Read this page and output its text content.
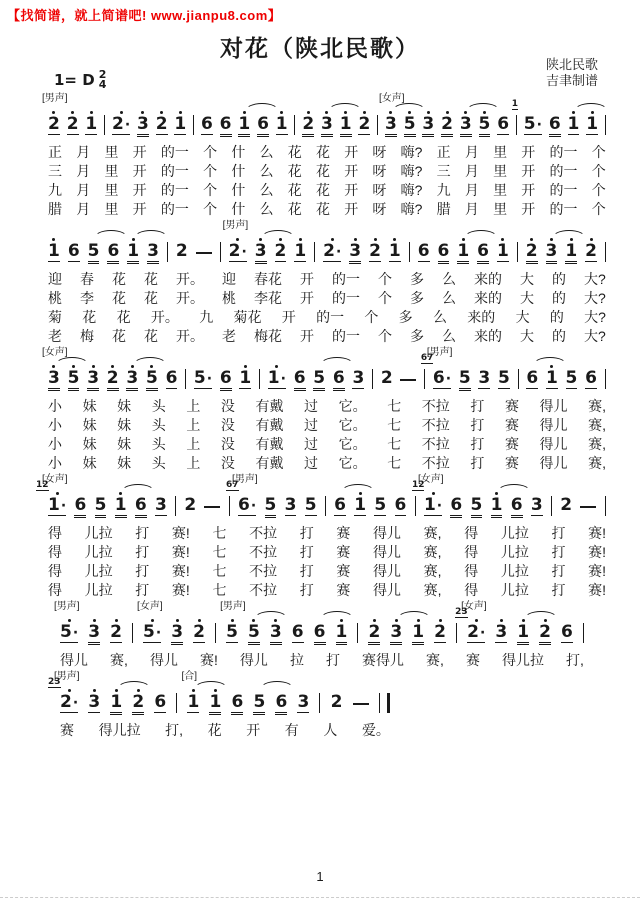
【找简谱，就上简谱吧! www.jianpu8.com】
对花（陕北民歌）
陕北民歌
吉聿制谱
1= D 2
4
[男声]
2 2 1 2 · 3 2 1 6 6 1 6 1 2 3 1 2
[女声]
3 5 3 2 3 5 6
1
5 · 6 1 1
正 月 里 开 的一 个 什 么 花 花 开 呀 嗨? 正 月 里 开 的一 个
三 月 里 开 的一 个 什 么 花 花 开 呀 嗨? 三 月 里 开 的一 个
九 月 里 开 的一 个 什 么 花 花 开 呀 嗨? 九 月 里 开 的一 个
腊 月 里 开 的一 个 什 么 花 花 开 呀 嗨? 腊 月 里 开 的一 个
1 6 5 6 1 3 2
[男声]
2 · 3 2 1 2 · 3 2 1 6 6 1 6 1 2 3 1 2
迎 春 花 花 开。 迎 春花 开 的一 个 多 么 来的 大 的 大?
桃 李 花 花 开。 桃 李花 开 的一 个 多 么 来的 大 的 大?
菊 花 花 开。 九 菊花 开 的一 个 多 么 来的 大 的 大?
老 梅 花 花 开。 老 梅花 开 的一 个 多 么 来的 大 的 大?
[女声]
3 5 3 2 3 5 6 5 · 6 1 1 · 6 5 6 3 2
[男声]
67
6 · 5 3 5 6 1 5 6
小 妹 妹 头 上 没 有戴 过 它。 七 不拉 打 赛 得儿 赛,
小 妹 妹 头 上 没 有戴 过 它。 七 不拉 打 赛 得儿 赛,
小 妹 妹 头 上 没 有戴 过 它。 七 不拉 打 赛 得儿 赛,
小 妹 妹 头 上 没 有戴 过 它。 七 不拉 打 赛 得儿 赛,
[女声]
12
1 · 6 5 1 6 3 2
[男声]
67
6 · 5 3 5 6 1 5 6
[女声]
12
1 · 6 5 1 6 3 2
得 儿拉 打 赛! 七 不拉 打 赛 得儿 赛, 得 儿拉 打 赛!
得 儿拉 打 赛! 七 不拉 打 赛 得儿 赛, 得 儿拉 打 赛!
得 儿拉 打 赛! 七 不拉 打 赛 得儿 赛, 得 儿拉 打 赛!
得 儿拉 打 赛! 七 不拉 打 赛 得儿 赛, 得 儿拉 打 赛!
[男声]
5 · 3 2
[女声]
5 · 3 2
[男声]
5 5 3 6 6 1 2 3 1 2
[女声]
23
2 · 3 1 2 6
得儿 赛, 得儿 赛! 得儿 拉 打 赛得儿 赛, 赛 得儿拉 打,
[男声]
23
2 · 3 1 2 6
[合]
1 1 6 5 6 3 2
赛 得儿拉 打, 花 开 有 人 爱。
1
